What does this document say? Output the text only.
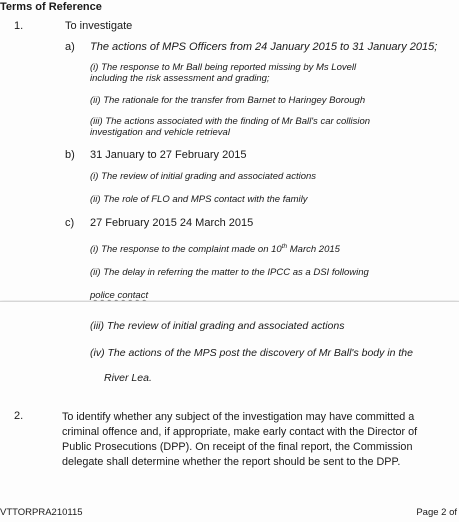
Terms of Reference
1.	To investigate
a) The actions of MPS Officers from 24 January 2015 to 31 January 2015;
(i) The response to Mr Ball being reported missing by Ms Lovell
including the risk assessment and grading;
(ii) The rationale for the transfer from Barnet to Haringey Borough
(iii) The actions associated with the finding of Mr Ball's car collision
investigation and vehicle retrieval
b) 31 January to 27 February 2015
(i) The review of initial grading and associated actions
(ii) The role of FLO and MPS contact with the family
c) 27 February 2015 24 March 2015
(i) The response to the complaint made on 10th March 2015
(ii) The delay in referring the matter to the IPCC as a DSI following
police contact
(iii) The review of initial grading and associated actions
(iv) The actions of the MPS post the discovery of Mr Ball's body in the
River Lea.
2.	To identify whether any subject of the investigation may have committed a
criminal offence and, if appropriate, make early contact with the Director of
Public Prosecutions (DPP). On receipt of the final report, the Commission
delegate shall determine whether the report should be sent to the DPP.
VTTORPRA210115	Page 2 of
